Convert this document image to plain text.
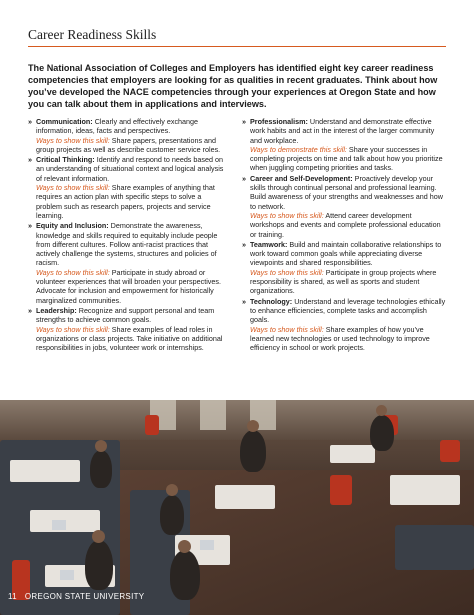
Career Readiness Skills

The National Association of Colleges and Employers has identified eight key career readiness competencies that employers are looking for as qualities in recent graduates. Think about how you’ve developed the NACE competencies through your experiences at Oregon State and how you can talk about them in applications and interviews.

» Communication: Clearly and effectively exchange information, ideas, facts and perspectives.
Ways to show this skill: Share papers, presentations and group projects as well as describe customer service roles.
» Critical Thinking: Identify and respond to needs based on an understanding of situational context and logical analysis of relevant information.
Ways to show this skill: Share examples of anything that requires an action plan with specific steps to solve a problem such as research papers, projects and service learning.
» Equity and Inclusion: Demonstrate the awareness, knowledge and skills required to equitably include people from different cultures. Follow anti-racist practices that actively challenge the systems, structures and policies of racism.
Ways to show this skill: Participate in study abroad or volunteer experiences that will broaden your perspectives. Advocate for inclusion and empowerment for historically marginalized communities.
» Leadership: Recognize and support personal and team strengths to achieve common goals.
Ways to show this skill: Share examples of lead roles in organizations or class projects. Take initiative on additional responsibilities in jobs, volunteer work or internships.
» Professionalism: Understand and demonstrate effective work habits and act in the interest of the larger community and workplace.
Ways to demonstrate this skill: Share your successes in completing projects on time and talk about how you prioritize when juggling competing priorities and tasks.
» Career and Self-Development: Proactively develop your skills through continual personal and professional learning. Build awareness of your strengths and weaknesses and how to network.
Ways to show this skill: Attend career development workshops and events and complete professional education or training.
» Teamwork: Build and maintain collaborative relationships to work toward common goals while appreciating diverse viewpoints and shared responsibilities.
Ways to show this skill: Participate in group projects where responsibility is shared, as well as sports and student organizations.
» Technology: Understand and leverage technologies ethically to enhance efficiencies, complete tasks and accomplish goals.
Ways to show this skill: Share examples of how you’ve learned new technologies or used technology to improve efficiency in school or work projects.
11 OREGON STATE UNIVERSITY
